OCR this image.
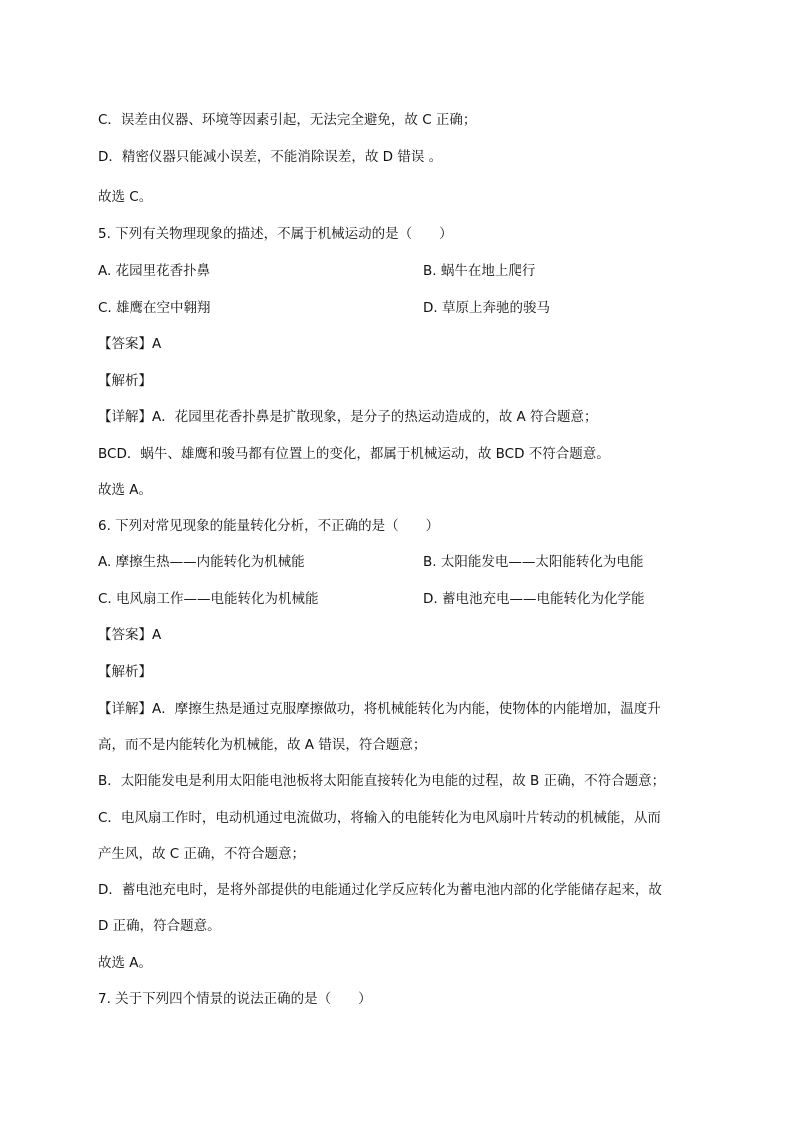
C．误差由仪器、环境等因素引起，无法完全避免，故 C 正确；
D．精密仪器只能减小误差，不能消除误差，故 D 错误 。
故选 C。
5. 下列有关物理现象的描述，不属于机械运动的是（　　）
A. 花园里花香扑鼻	B. 蜗牛在地上爬行
C. 雄鹰在空中翱翔	D. 草原上奔驰的骏马
【答案】A
【解析】
【详解】A．花园里花香扑鼻是扩散现象，是分子的热运动造成的，故 A 符合题意；
BCD．蜗牛、雄鹰和骏马都有位置上的变化，都属于机械运动，故 BCD 不符合题意。
故选 A。
6. 下列对常见现象的能量转化分析，不正确的是（　　）
A. 摩擦生热——内能转化为机械能	B. 太阳能发电——太阳能转化为电能
C. 电风扇工作——电能转化为机械能	D. 蓄电池充电——电能转化为化学能
【答案】A
【解析】
【详解】A．摩擦生热是通过克服摩擦做功，将机械能转化为内能，使物体的内能增加，温度升
高，而不是内能转化为机械能，故 A 错误，符合题意；
B．太阳能发电是利用太阳能电池板将太阳能直接转化为电能的过程，故 B 正确，不符合题意；
C．电风扇工作时，电动机通过电流做功，将输入的电能转化为电风扇叶片转动的机械能，从而
产生风，故 C 正确，不符合题意；
D．蓄电池充电时，是将外部提供的电能通过化学反应转化为蓄电池内部的化学能储存起来，故
D 正确，符合题意。
故选 A。
7. 关于下列四个情景的说法正确的是（　　）
